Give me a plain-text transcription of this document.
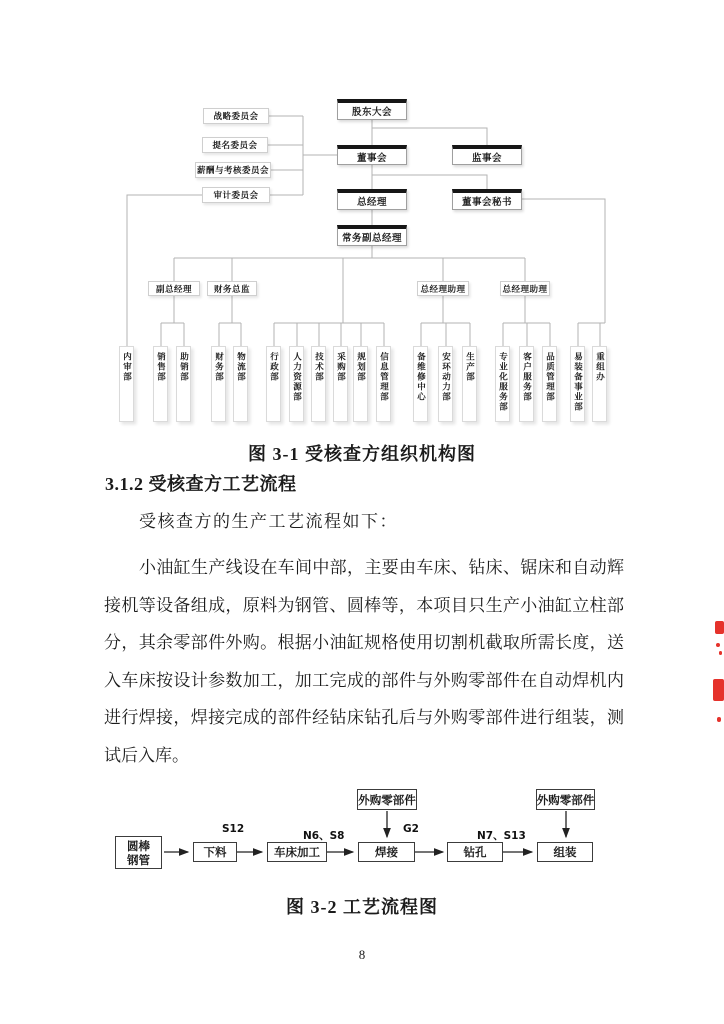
股东大会
董事会	监事会
总经理	董事会秘书
常务副总经理
战略委员会
提名委员会
薪酬与考核委员会
审计委员会
副总经理	财务总监	总经理助理	总经理助理
内审部	销售部 助销部	财务部 物流部	行政部 人力资源部 技术部 采购部 规划部 信息管理部	备维修中心 安环动力部 生产部	专业化服务部 客户服务部 品质管理部 易装备事业部 重组办
图 3-1 受核查方组织机构图
3.1.2 受核查方工艺流程
受核查方的生产工艺流程如下：
小油缸生产线设在车间中部，主要由车床、钻床、锯床和自动辉
接机等设备组成，原料为钢管、圆棒等，本项目只生产小油缸立柱部
分，其余零部件外购。根据小油缸规格使用切割机截取所需长度，送
入车床按设计参数加工，加工完成的部件与外购零部件在自动焊机内
进行焊接，焊接完成的部件经钻床钻孔后与外购零部件进行组装，测
试后入库。
圆棒
钢管
下料	车床加工	焊接	钻孔	组装
外购零部件	外购零部件
S12
N6、S8
G2
N7、S13
图 3-2 工艺流程图
8
